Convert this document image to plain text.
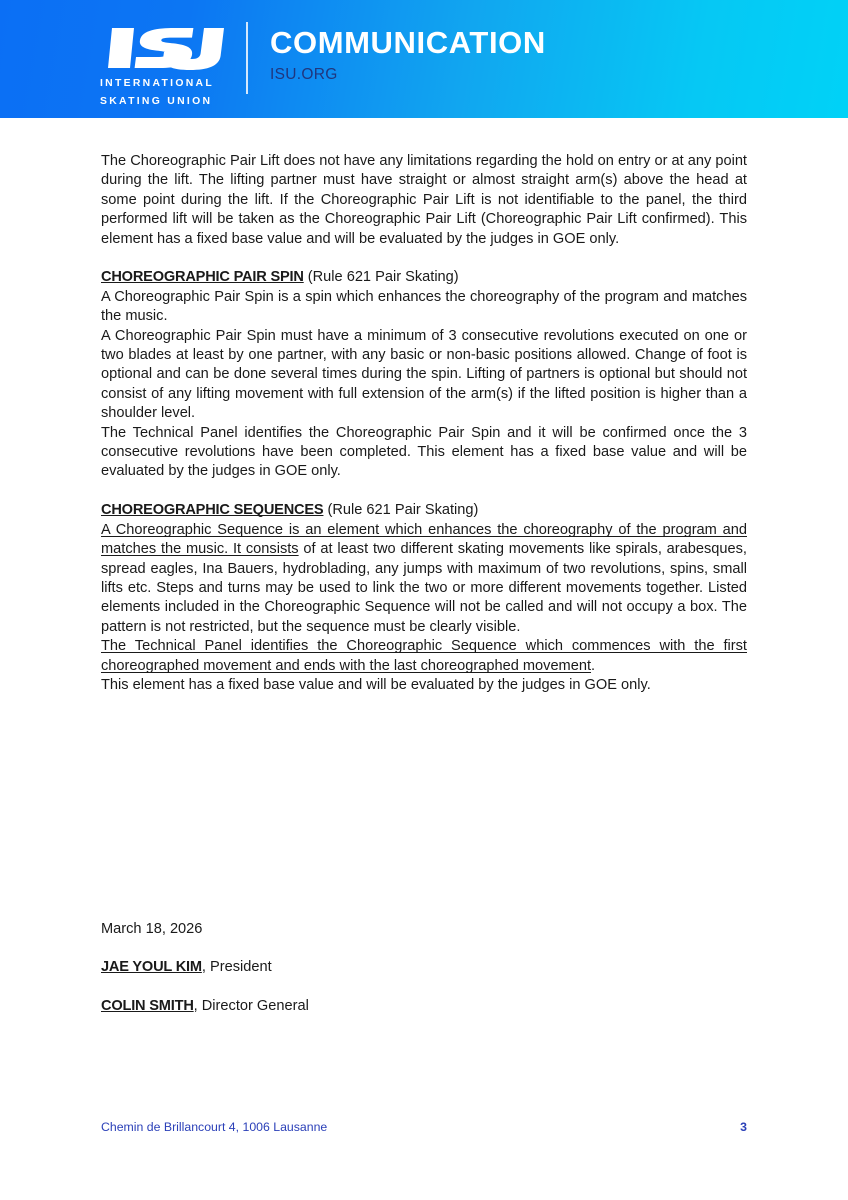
INTERNATIONAL
SKATING UNION
COMMUNICATION
ISU.ORG

The Choreographic Pair Lift does not have any limitations regarding the hold on entry or at any point during the lift. The lifting partner must have straight or almost straight arm(s) above the head at some point during the lift. If the Choreographic Pair Lift is not identifiable to the panel, the third performed lift will be taken as the Choreographic Pair Lift (Choreographic Pair Lift confirmed). This element has a fixed base value and will be evaluated by the judges in GOE only.

CHOREOGRAPHIC PAIR SPIN (Rule 621 Pair Skating)

A Choreographic Pair Spin is a spin which enhances the choreography of the program and matches the music.

A Choreographic Pair Spin must have a minimum of 3 consecutive revolutions executed on one or two blades at least by one partner, with any basic or non-basic positions allowed. Change of foot is optional and can be done several times during the spin. Lifting of partners is optional but should not consist of any lifting movement with full extension of the arm(s) if the lifted position is higher than a shoulder level.

The Technical Panel identifies the Choreographic Pair Spin and it will be confirmed once the 3 consecutive revolutions have been completed. This element has a fixed base value and will be evaluated by the judges in GOE only.

CHOREOGRAPHIC SEQUENCES (Rule 621 Pair Skating)

A Choreographic Sequence is an element which enhances the choreography of the program and matches the music. It consists of at least two different skating movements like spirals, arabesques, spread eagles, Ina Bauers, hydroblading, any jumps with maximum of two revolutions, spins, small lifts etc. Steps and turns may be used to link the two or more different movements together. Listed elements included in the Choreographic Sequence will not be called and will not occupy a box. The pattern is not restricted, but the sequence must be clearly visible.

The Technical Panel identifies the Choreographic Sequence which commences with the first choreographed movement and ends with the last choreographed movement.

This element has a fixed base value and will be evaluated by the judges in GOE only.

March 18, 2026

JAE YOUL KIM, President

COLIN SMITH, Director General

Chemin de Brillancourt 4, 1006 Lausanne	3
